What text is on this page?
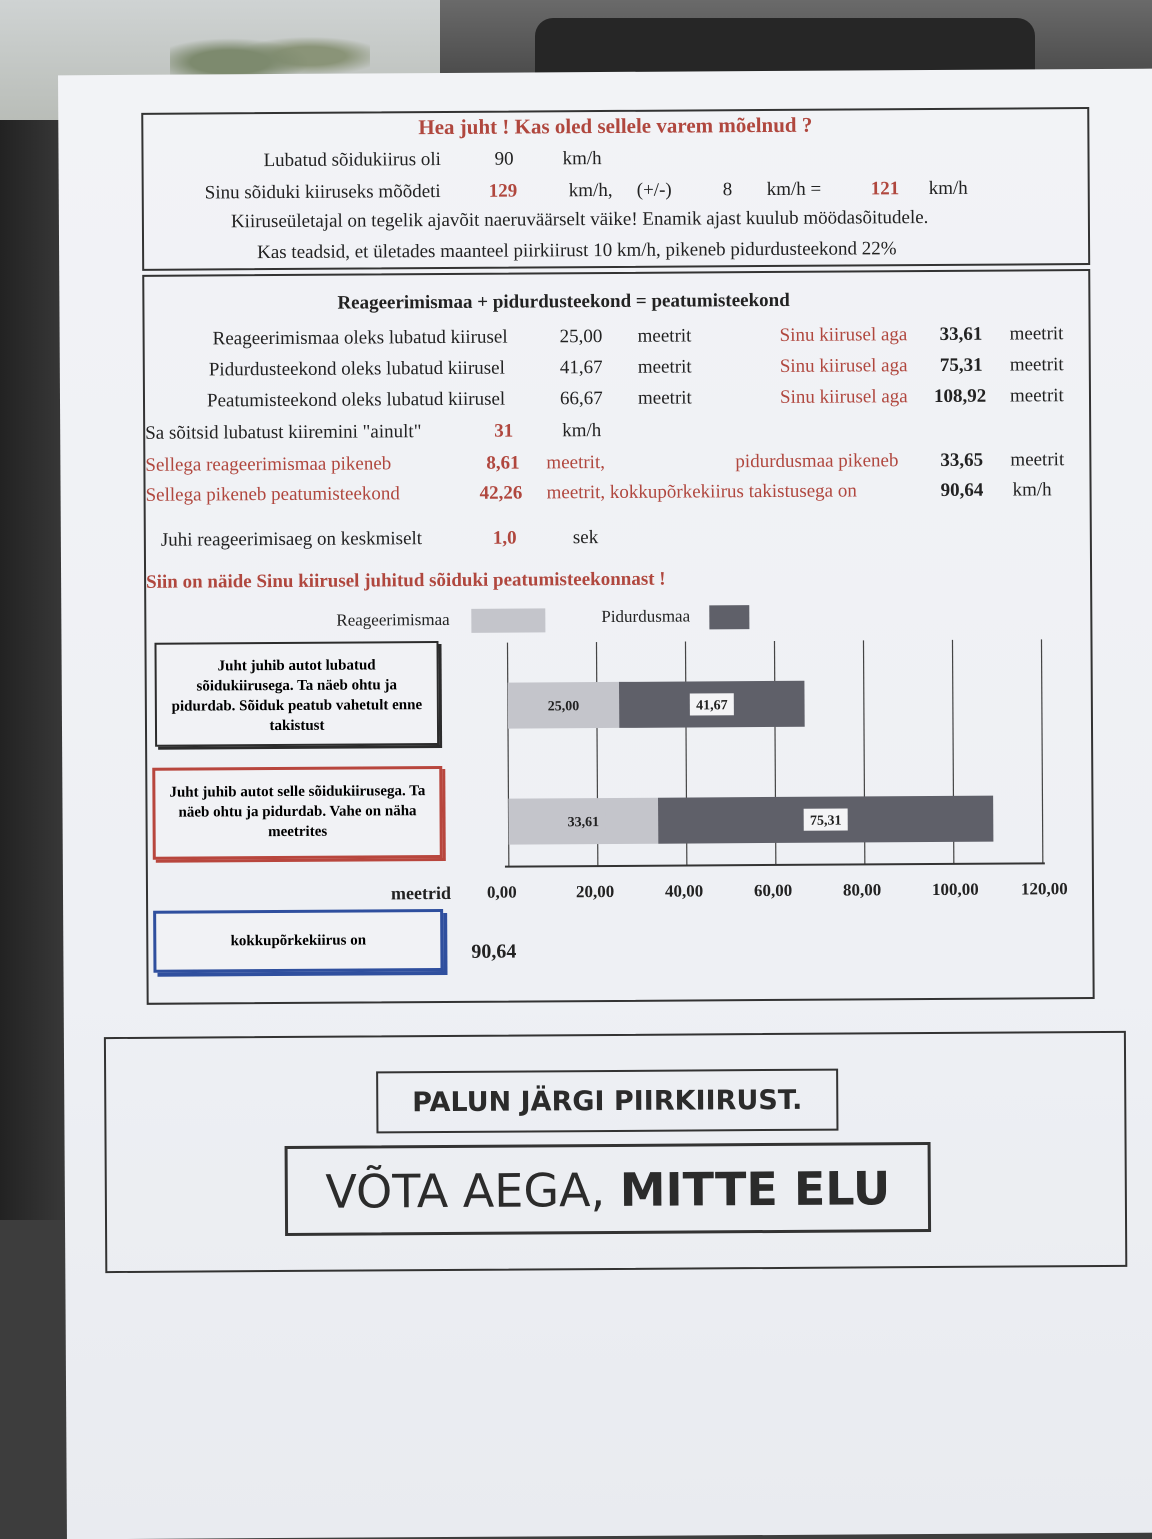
Hea juht ! Kas oled sellele varem mõelnud ?
Lubatud sõidukiirus oli	90	km/h
Sinu sõiduki kiiruseks mõõdeti	129	km/h, (+/-)	8 km/h =	121 km/h
Kiiruseületajal on tegelik ajavõit naeruväärselt väike! Enamik ajast kuulub möödasõitudele.
Kas teadsid, et ületades maanteel piirkiirust 10 km/h, pikeneb pidurdusteekond 22%
Reageerimismaa + pidurdusteekond = peatumisteekond
Reageerimismaa oleks lubatud kiirusel	25,00 meetrit	Sinu kiirusel aga 33,61 meetrit
Pidurdusteekond oleks lubatud kiirusel	41,67 meetrit	Sinu kiirusel aga 75,31 meetrit
Peatumisteekond oleks lubatud kiirusel	66,67 meetrit	Sinu kiirusel aga 108,92 meetrit
Sa sõitsid lubatust kiiremini "ainult"	31	km/h
Sellega reageerimismaa pikeneb	8,61 meetrit,	pidurdusmaa pikeneb 33,65 meetrit
Sellega pikeneb peatumisteekond	42,26 meetrit, kokkupõrkekiirus takistusega on	90,64 km/h
Juhi reageerimisaeg on keskmiselt	1,0	sek
Siin on näide Sinu kiirusel juhitud sõiduki peatumisteekonnast !
Reageerimismaa	Pidurdusmaa
Juht juhib autot lubatud sõidukiirusega. Ta näeb ohtu ja pidurdab. Sõiduk peatub vahetult enne takistust
Juht juhib autot selle sõidukiirusega. Ta näeb ohtu ja pidurdab. Vahe on näha meetrites
25,00	41,67
33,61	75,31
meetrid 0,00	20,00	40,00	60,00	80,00	100,00 120,00
kokkupõrkekiirus on	90,64
PALUN JÄRGI PIIRKIIRUST.
VÕTA AEGA, MITTE ELU
